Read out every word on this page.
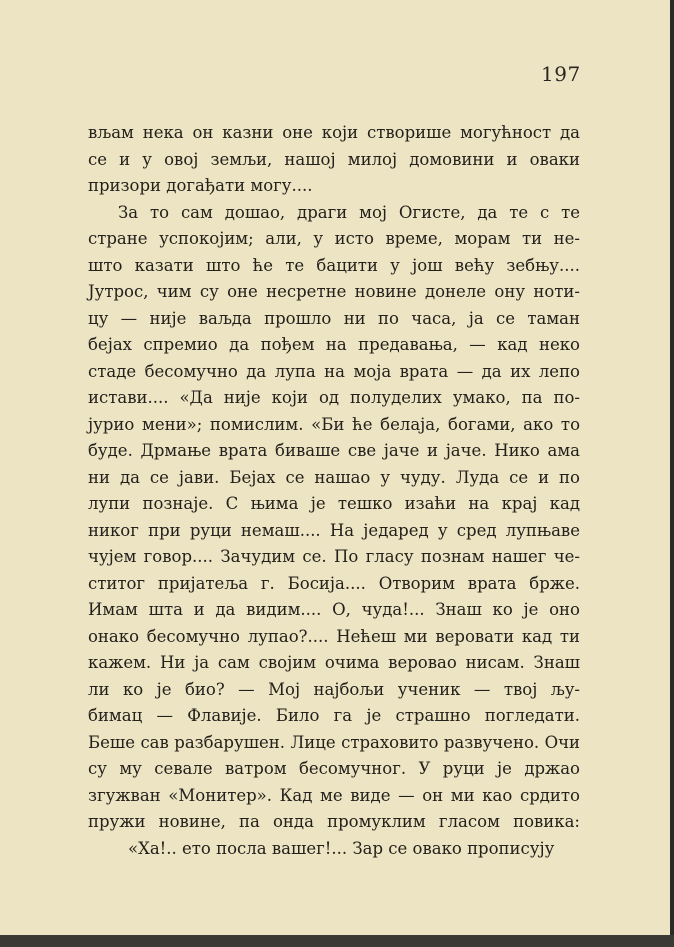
197
вљам нека он казни оне који створише могућност да
се и у овој земљи, нашој милој домовини и оваки
призори догађати могу....
За то сам дошао, драги мој Огисте, да те с те
стране успокојим; али, у исто време, морам ти не-
што казати што ће те бацити у још већу зебњу....
Јутрос, чим су оне несретне новине донеле ону ноти-
цу — није ваљда прошло ни по часа, ја се таман
бејах спремио да пођем на предавања, — кад неко
стаде бесомучно да лупа на моја врата — да их лепо
истави.... «Да није који од полуделих умако, па по-
јурио мени»; помислим. «Би ће белаја, богами, ако то
буде. Дрмање врата биваше све јаче и јаче. Нико ама
ни да се јави. Бејах се нашао у чуду. Луда се и по
лупи познаје. С њима је тешко изаћи на крај кад
никог при руци немаш.... На једаред у сред лупњаве
чујем говор.... Зачудим се. По гласу познам нашег че-
ститог пријатеља г. Босија.... Отворим врата брже.
Имам шта и да видим.... О, чуда!... Знаш ко је оно
онако бесомучно лупао?.... Нећеш ми веровати кад ти
кажем. Ни ја сам својим очима веровао нисам. Знаш
ли ко је био? — Мој најбољи ученик — твој љу-
бимац — Флавије. Било га је страшно погледати.
Беше сав разбарушен. Лице страховито развучено. Очи
су му севале ватром бесомучног. У руци је држао
згужван «Монитер». Кад ме виде — он ми као срдито
пружи новине, па онда промуклим гласом повика:
«Ха!.. ето посла вашег!... Зар се овако прописују
